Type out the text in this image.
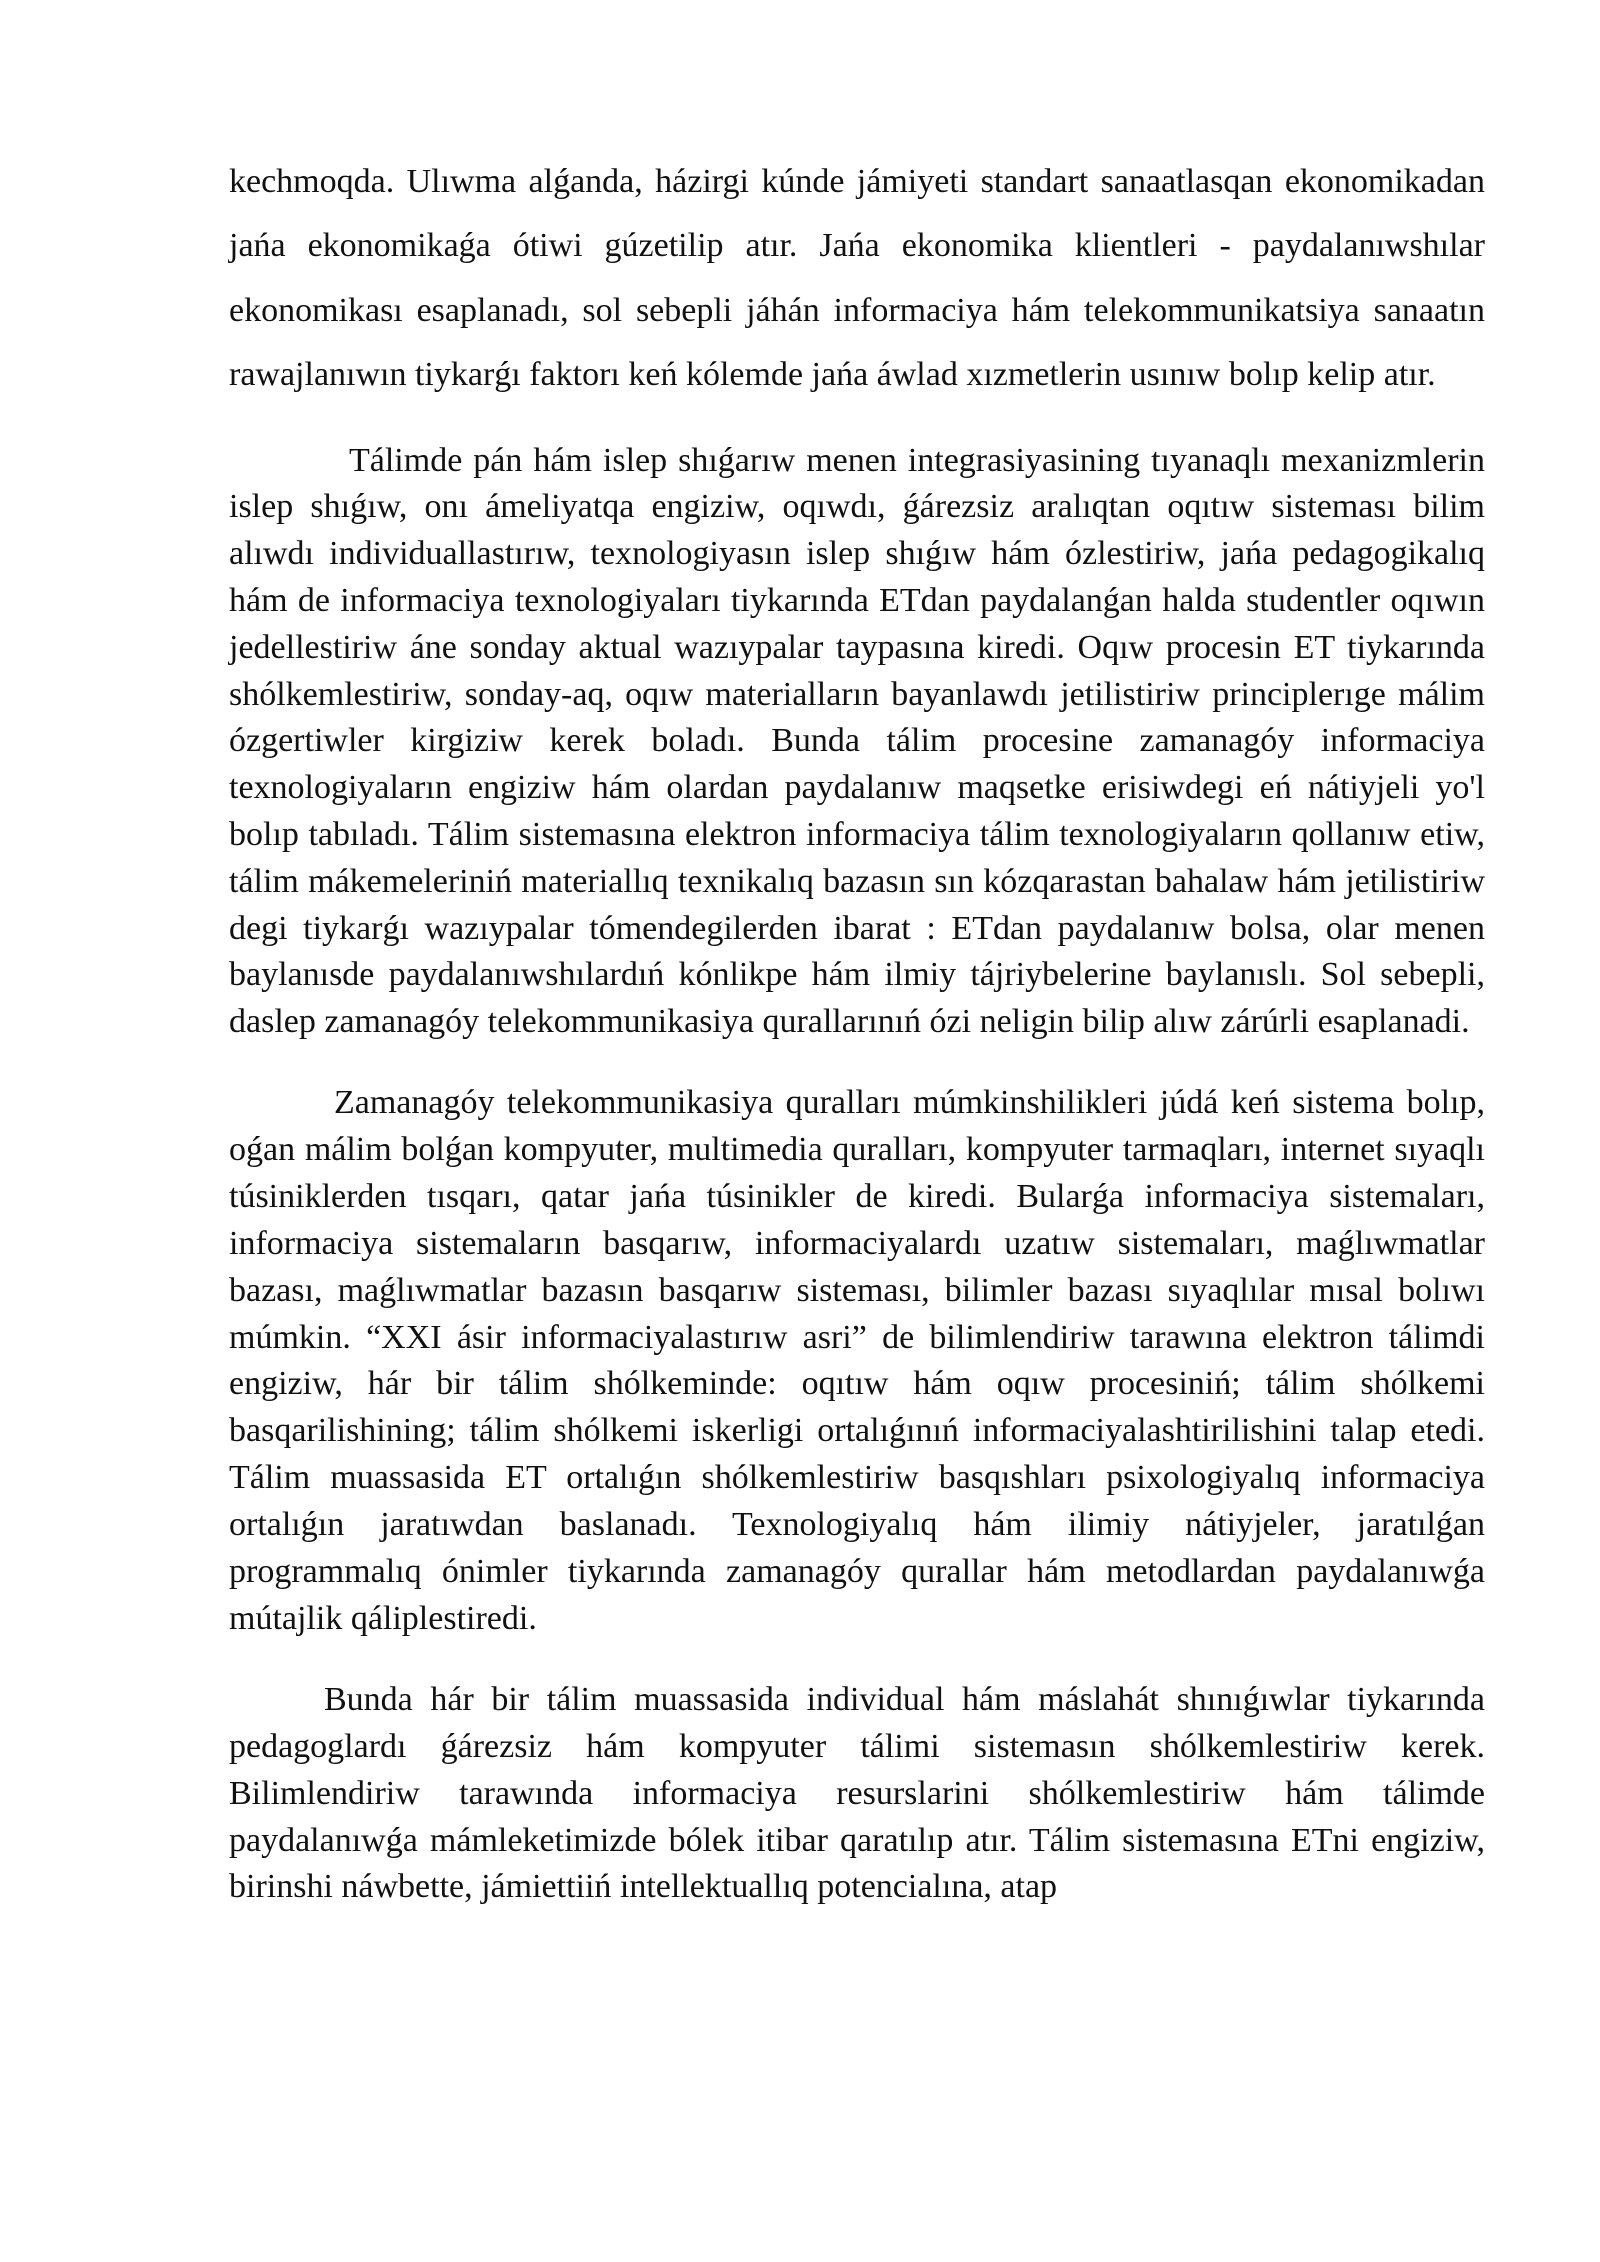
kechmoqda. Ulıwma alǵanda, házirgi kúnde jámiyeti standart sanaatlasqan ekonomikadan jańa ekonomikaǵa ótiwi gúzetilip atır. Jańa ekonomika klientleri - paydalanıwshılar ekonomikası esaplanadı, sol sebepli jáhán informaciya hám telekommunikatsiya sanaatın rawajlanıwın tiykarǵı faktorı keń kólemde jańa áwlad xızmetlerin usınıw bolıp kelip atır.

Tálimde pán hám islep shıǵarıw menen integrasiyasining tıyanaqlı mexanizmlerin islep shıǵıw, onı ámeliyatqa engiziw, oqıwdı, ǵárezsiz aralıqtan oqıtıw sisteması bilim alıwdı individuallastırıw, texnologiyasın islep shıǵıw hám ózlestiriw, jańa pedagogikalıq hám de informaciya texnologiyaları tiykarında ETdan paydalanǵan halda studentler oqıwın jedellestiriw áne sonday aktual wazıypalar taypasına kiredi. Oqıw procesin ET tiykarında shólkemlestiriw, sonday-aq, oqıw materialların bayanlawdı jetilistiriw principlerıge málim ózgertiwler kirgiziw kerek boladı. Bunda tálim procesine zamanagóy informaciya texnologiyaların engiziw hám olardan paydalanıw maqsetke erisiwdegi eń nátiyjeli yo'l bolıp tabıladı. Tálim sistemasına elektron informaciya tálim texnologiyaların qollanıw etiw, tálim mákemeleriniń materiallıq texnikalıq bazasın sın kózqarastan bahalaw hám jetilistiriw degi tiykarǵı wazıypalar tómendegilerden ibarat : ETdan paydalanıw bolsa, olar menen baylanısde paydalanıwshılardıń kónlikpe hám ilmiy tájriybelerine baylanıslı. Sol sebepli, daslep zamanagóy telekommunikasiya qurallarınıń ózi neligin bilip alıw zárúrli esaplanadi.

Zamanagóy telekommunikasiya quralları múmkinshilikleri júdá keń sistema bolıp, oǵan málim bolǵan kompyuter, multimedia quralları, kompyuter tarmaqları, internet sıyaqlı túsiniklerden tısqarı, qatar jańa túsinikler de kiredi. Bularǵa informaciya sistemaları, informaciya sistemaların basqarıw, informaciyalardı uzatıw sistemaları, maǵlıwmatlar bazası, maǵlıwmatlar bazasın basqarıw sisteması, bilimler bazası sıyaqlılar mısal bolıwı múmkin. “XXI ásir informaciyalastırıw asri” de bilimlendiriw tarawına elektron tálimdi engiziw, hár bir tálim shólkeminde: oqıtıw hám oqıw procesiniń; tálim shólkemi basqarilishining; tálim shólkemi iskerligi ortalıǵınıń informaciyalashtirilishini talap etedi. Tálim muassasida ET ortalıǵın shólkemlestiriw basqıshları psixologiyalıq informaciya ortalıǵın jaratıwdan baslanadı. Texnologiyalıq hám ilimiy nátiyjeler, jaratılǵan programmalıq ónimler tiykarında zamanagóy qurallar hám metodlardan paydalanıwǵa mútajlik qáliplestiredi.

Bunda hár bir tálim muassasida individual hám máslahát shınıǵıwlar tiykarında pedagoglardı ǵárezsiz hám kompyuter tálimi sistemasın shólkemlestiriw kerek. Bilimlendiriw tarawında informaciya resurslarini shólkemlestiriw hám tálimde paydalanıwǵa mámleketimizde bólek itibar qaratılıp atır. Tálim sistemasına ETni engiziw, birinshi náwbette, jámiettiiń intellektuallıq potencialına, atap
